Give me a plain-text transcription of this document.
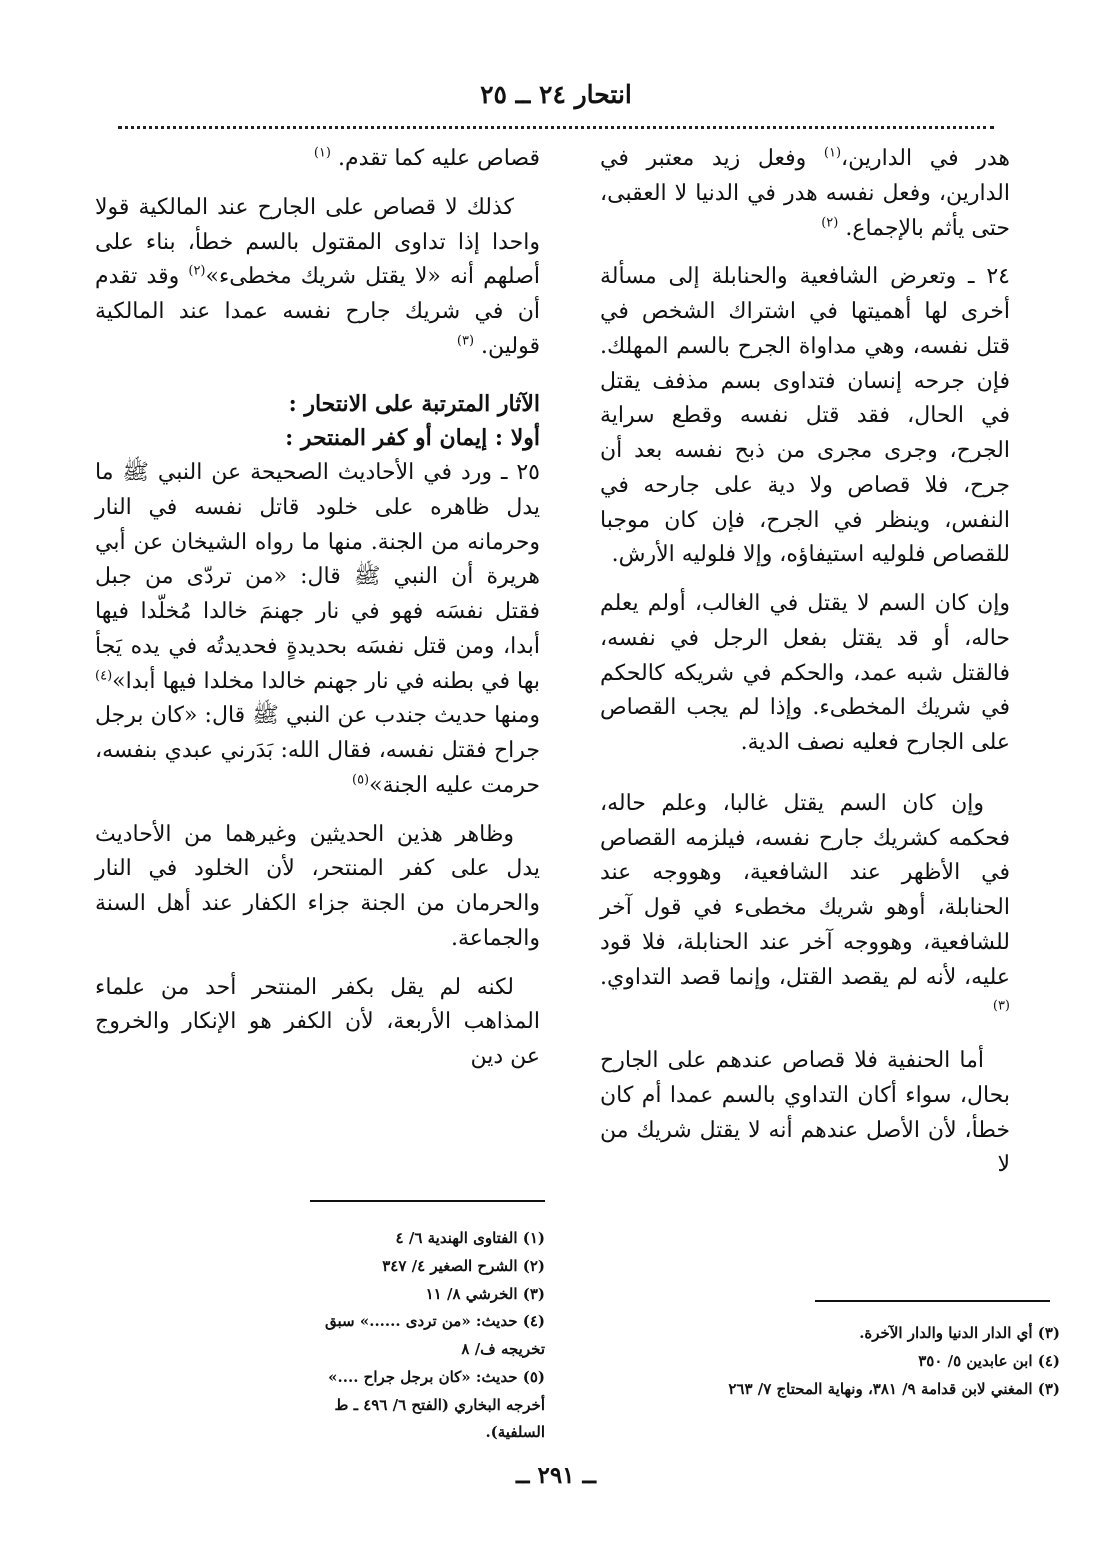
انتحار ٢٤ ــ ٢٥

هدر في الدارين،$^{(١)}$ وفعل زيد معتبر في الدارين، وفعل نفسه هدر في الدنيا لا العقبى، حتى يأثم بالإجماع. $^{(٢)}$

٢٤ ـ وتعرض الشافعية والحنابلة إلى مسألة أخرى لها أهميتها في اشتراك الشخص في قتل نفسه، وهي مداواة الجرح بالسم المهلك. فإن جرحه إنسان فتداوى بسم مذفف يقتل في الحال، فقد قتل نفسه وقطع سراية الجرح، وجرى مجرى من ذبح نفسه بعد أن جرح، فلا قصاص ولا دية على جارحه في النفس، وينظر في الجرح، فإن كان موجبا للقصاص فلوليه استيفاؤه، وإلا فلوليه الأرش.

وإن كان السم لا يقتل في الغالب، أولم يعلم حاله، أو قد يقتل بفعل الرجل في نفسه، فالقتل شبه عمد، والحكم في شريكه كالحكم في شريك المخطىء. وإذا لم يجب القصاص على الجارح فعليه نصف الدية.

وإن كان السم يقتل غالبا، وعلم حاله، فحكمه كشريك جارح نفسه، فيلزمه القصاص في الأظهر عند الشافعية، وهووجه عند الحنابلة، أوهو شريك مخطىء في قول آخر للشافعية، وهووجه آخر عند الحنابلة، فلا قود عليه، لأنه لم يقصد القتل، وإنما قصد التداوي. $^{(٣)}$

أما الحنفية فلا قصاص عندهم على الجارح بحال، سواء أكان التداوي بالسم عمدا أم كان خطأ، لأن الأصل عندهم أنه لا يقتل شريك من لا

قصاص عليه كما تقدم. $^{(١)}$

كذلك لا قصاص على الجارح عند المالكية قولا واحدا إذا تداوى المقتول بالسم خطأ، بناء على أصلهم أنه «لا يقتل شريك مخطىء»$^{(٢)}$ وقد تقدم أن في شريك جارح نفسه عمدا عند المالكية قولين. $^{(٣)}$

الآثار المترتبة على الانتحار :

أولا : إيمان أو كفر المنتحر :

٢٥ ـ ورد في الأحاديث الصحيحة عن النبي ﷺ ما يدل ظاهره على خلود قاتل نفسه في النار وحرمانه من الجنة. منها ما رواه الشيخان عن أبي هريرة أن النبي ﷺ قال: «من تردّى من جبل فقتل نفسَه فهو في نار جهنمَ خالدا مُخلّدا فيها أبدا، ومن قتل نفسَه بحديدةٍ فحديدتُه في يده يَجأ بها في بطنه في نار جهنم خالدا مخلدا فيها أبدا»$^{(٤)}$ ومنها حديث جندب عن النبي ﷺ قال: «كان برجل جراح فقتل نفسه، فقال الله: بَدَرني عبدي بنفسه، حرمت عليه الجنة»$^{(٥)}$

وظاهر هذين الحديثين وغيرهما من الأحاديث يدل على كفر المنتحر، لأن الخلود في النار والحرمان من الجنة جزاء الكفار عند أهل السنة والجماعة.

لكنه لم يقل بكفر المنتحر أحد من علماء المذاهب الأربعة، لأن الكفر هو الإنكار والخروج عن دين

(١) الفتاوى الهندية ٦/ ٤
(٢) الشرح الصغير ٤/ ٣٤٧
(٣) الخرشي ٨/ ١١
(٤) حديث: «من تردى ......» سبق تخريجه ف/ ٨
(٥) حديث: «كان برجل جراح ....» أخرجه البخاري (الفتح ٦/ ٤٩٦ ـ ط السلفية).
(٣) أي الدار الدنيا والدار الآخرة.
(٤) ابن عابدين ٥/ ٣٥٠
(٣) المغني لابن قدامة ٩/ ٣٨١، ونهاية المحتاج ٧/ ٢٦٣
ــ ٢٩١ ــ
